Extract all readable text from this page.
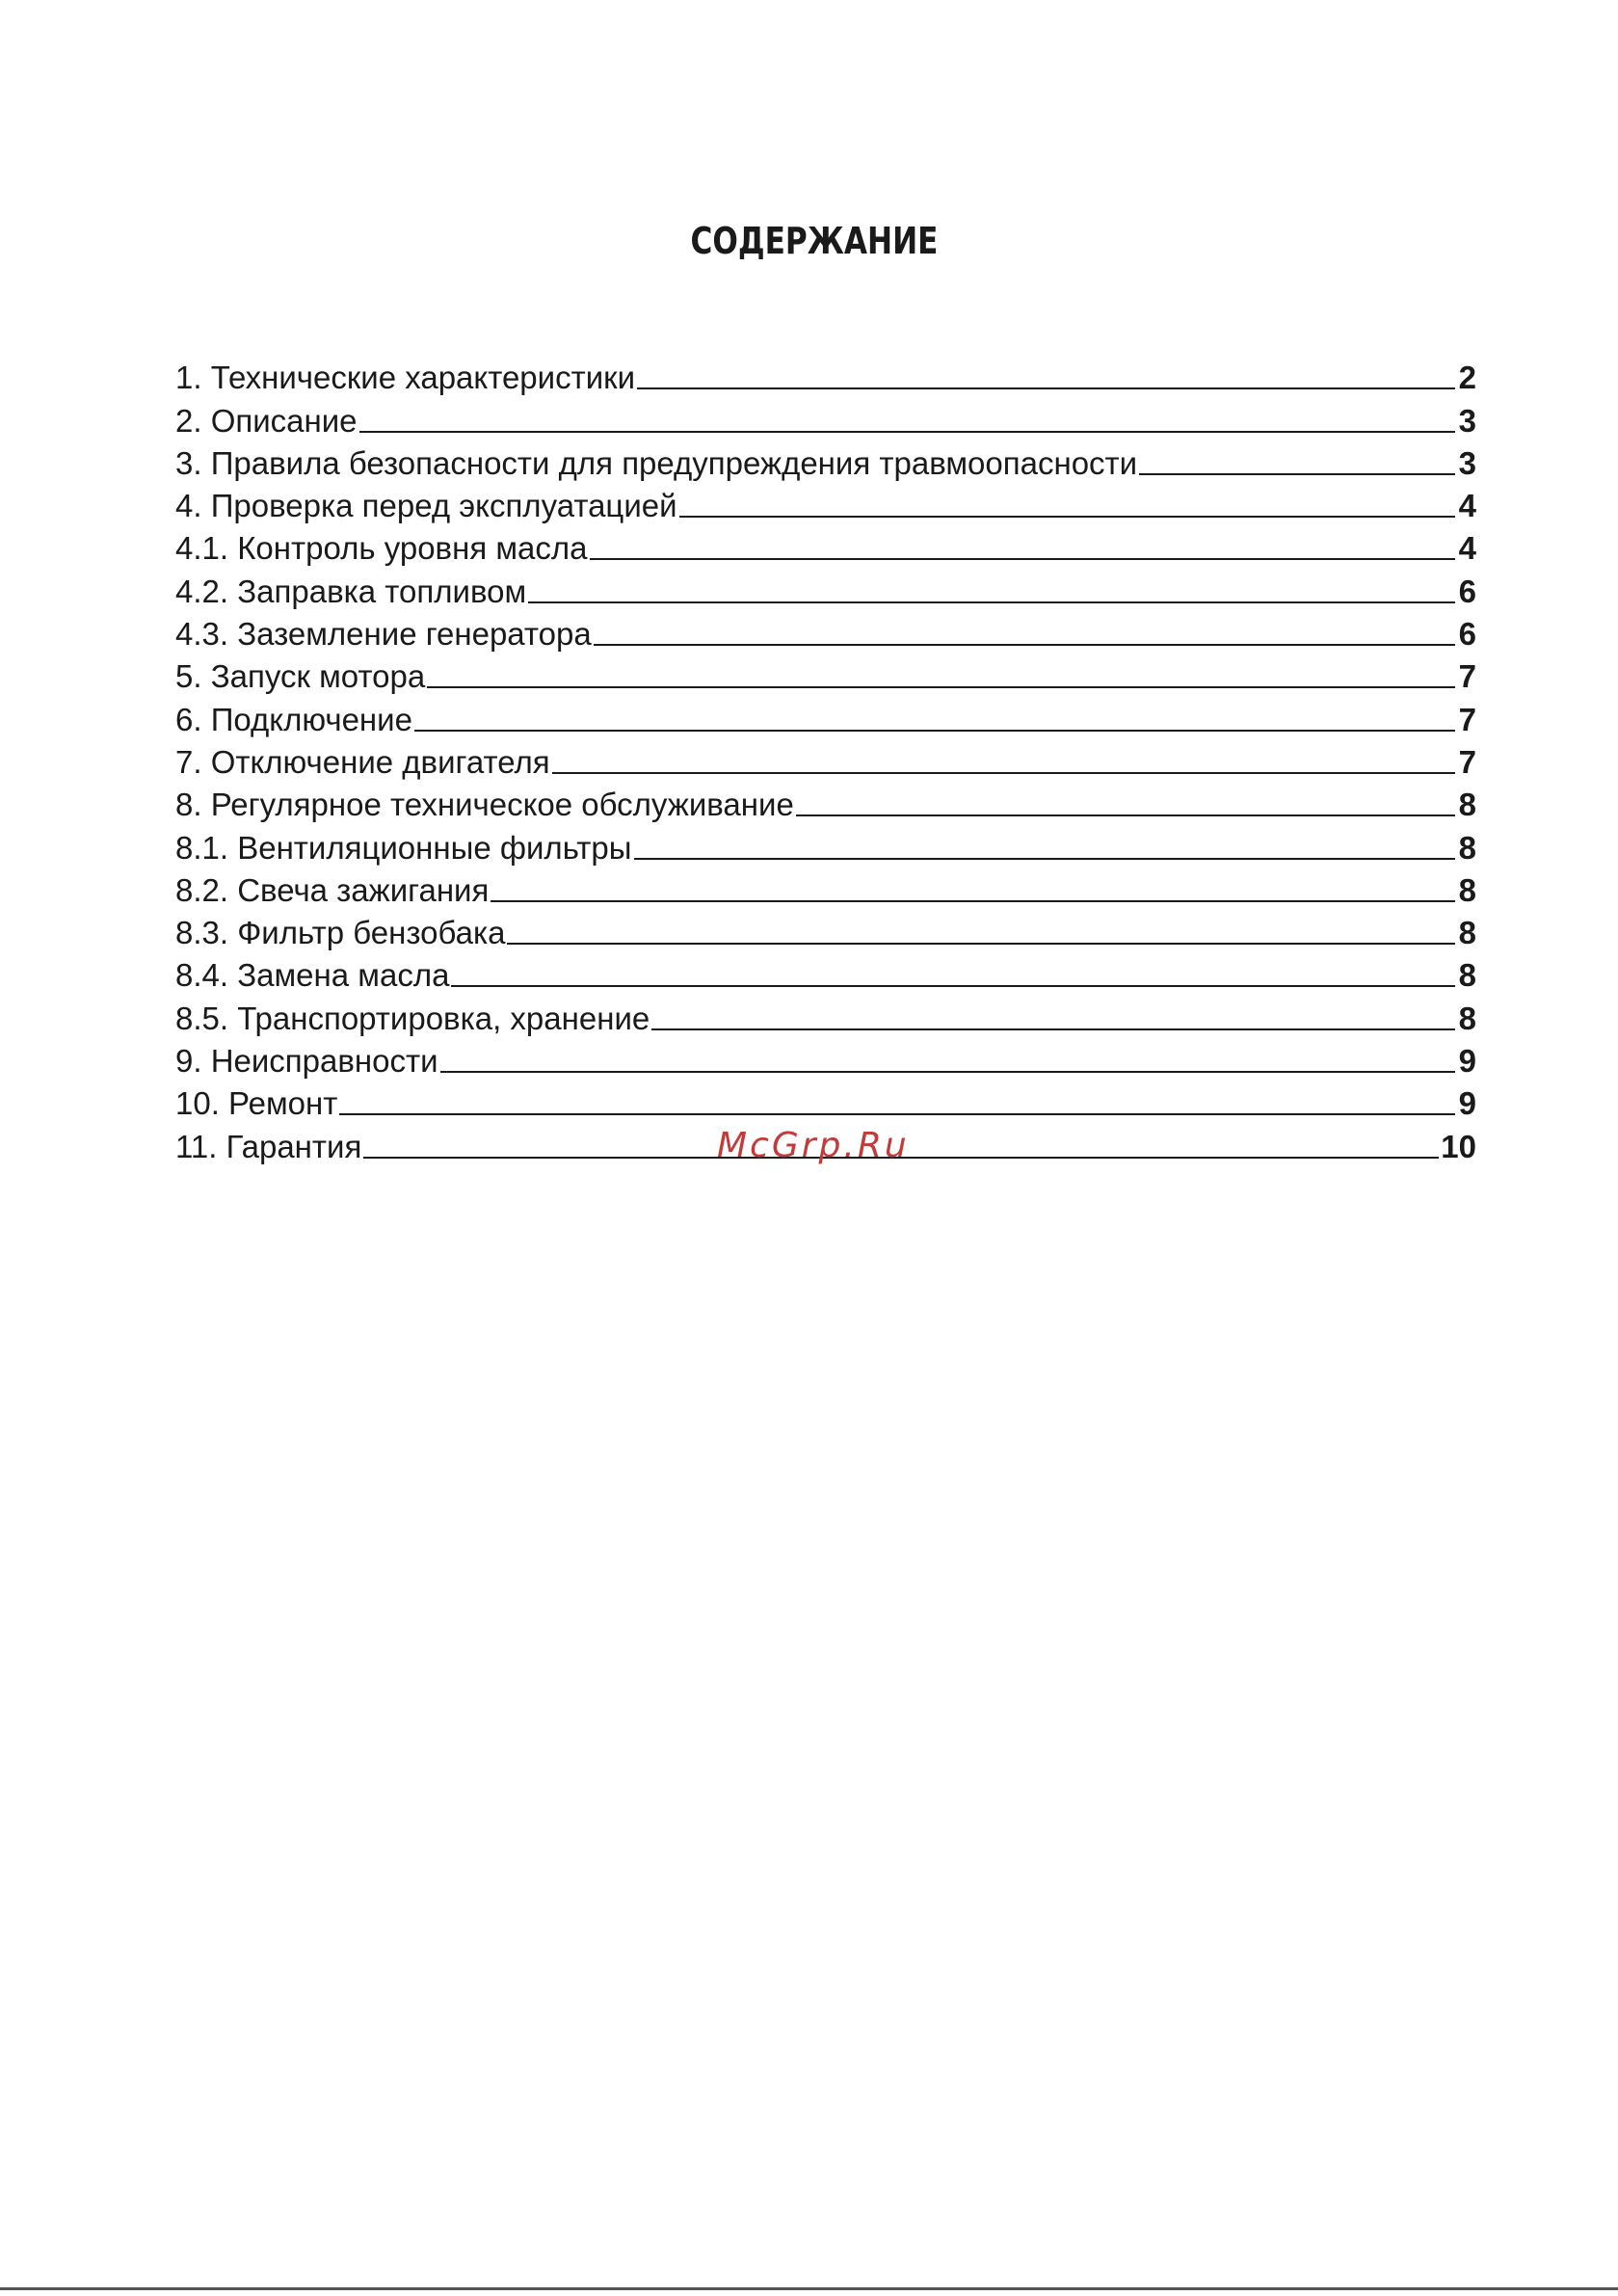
СОДЕРЖАНИЕ
1. Технические характеристики	2
2. Описание	3
3. Правила безопасности для предупреждения травмоопасности	3
4. Проверка перед эксплуатацией	4
4.1. Контроль уровня масла	4
4.2. Заправка топливом	6
4.3. Заземление генератора	6
5. Запуск мотора	7
6. Подключение	7
7. Отключение двигателя	7
8. Регулярное техническое обслуживание	8
8.1. Вентиляционные фильтры	8
8.2. Свеча зажигания	8
8.3. Фильтр бензобака	8
8.4. Замена масла	8
8.5. Транспортировка, хранение	8
9. Неисправности	9
10. Ремонт	9
11. Гарантия	10
McGrp.Ru
